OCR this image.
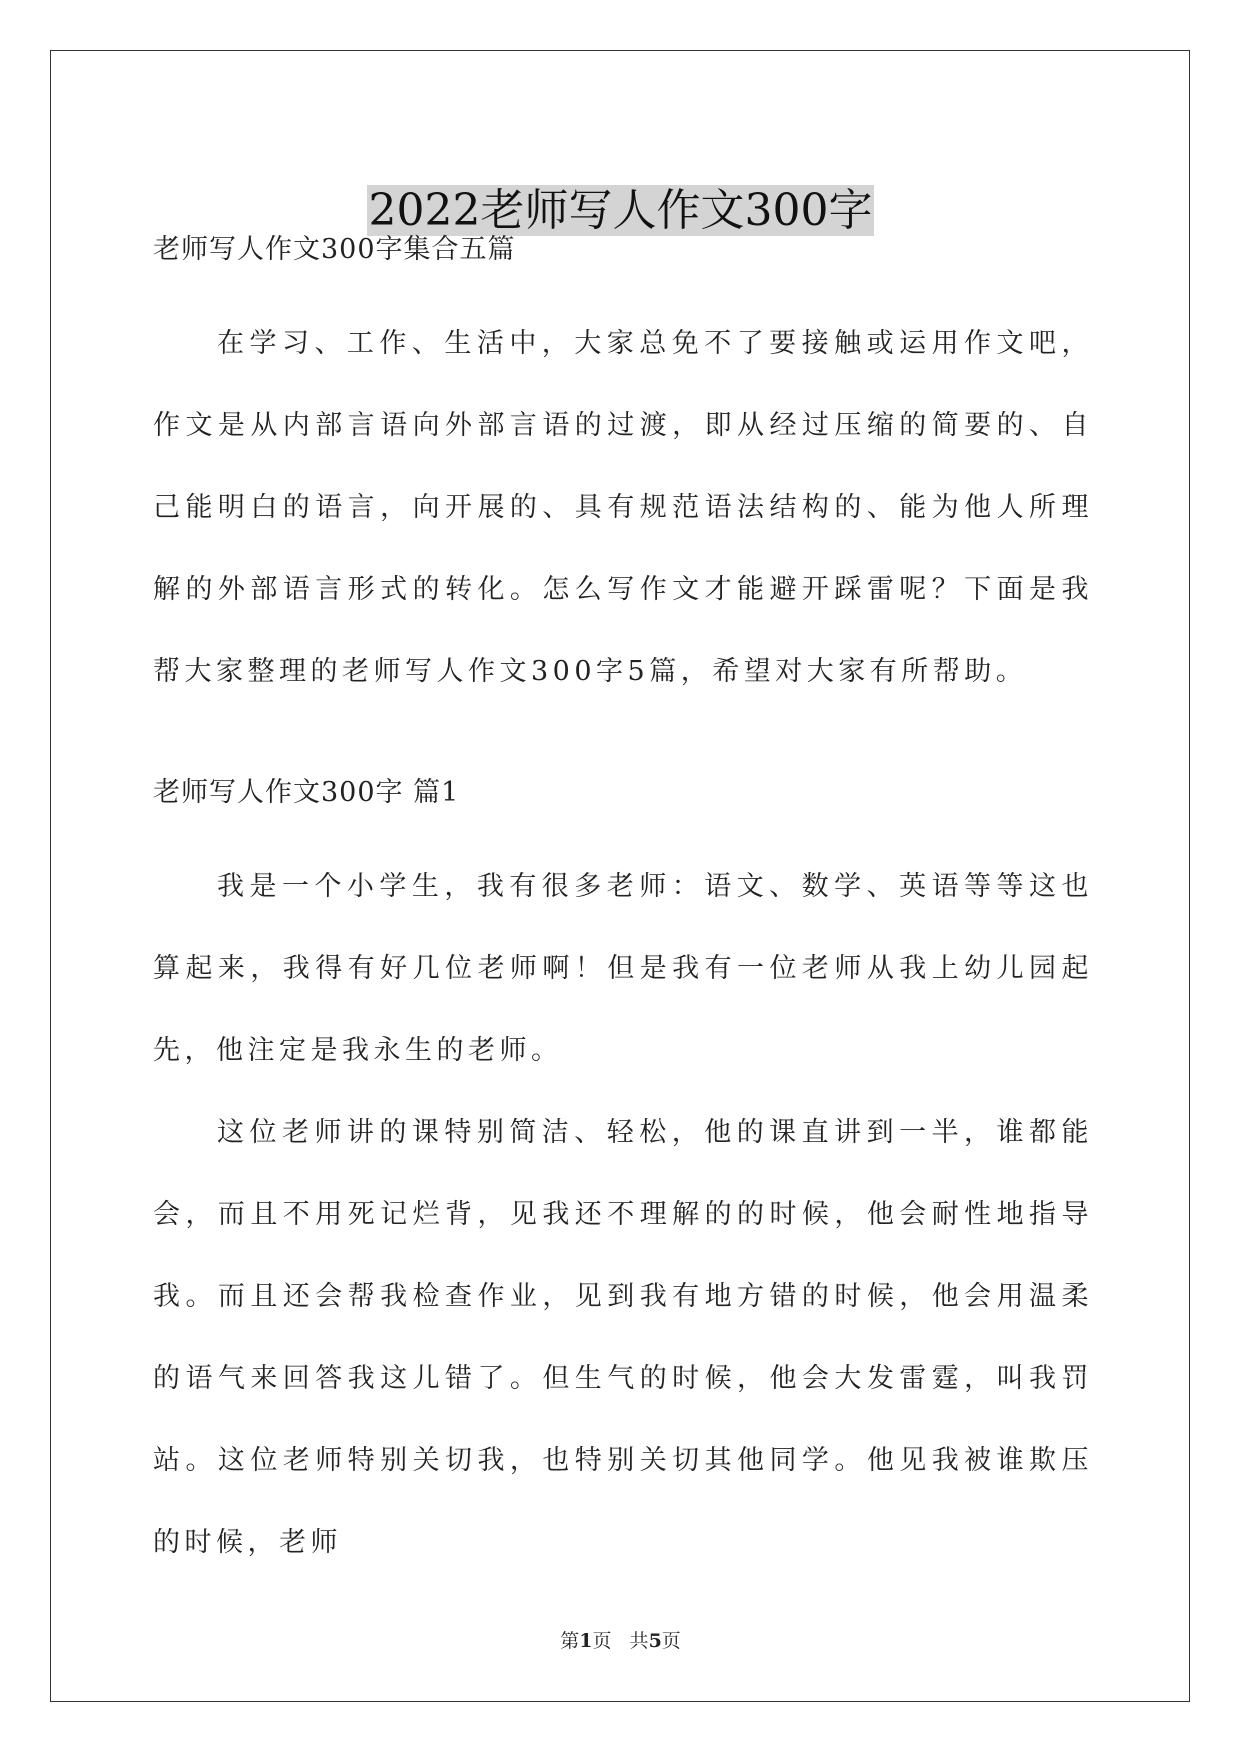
2022老师写人作文300字

老师写人作文300字集合五篇

在学习、工作、生活中，大家总免不了要接触或运用作文吧，作文是从内部言语向外部言语的过渡，即从经过压缩的简要的、自己能明白的语言，向开展的、具有规范语法结构的、能为他人所理解的外部语言形式的转化。怎么写作文才能避开踩雷呢？下面是我帮大家整理的老师写人作文300字5篇，希望对大家有所帮助。

老师写人作文300字 篇1

我是一个小学生，我有很多老师：语文、数学、英语等等这也算起来，我得有好几位老师啊！但是我有一位老师从我上幼儿园起先，他注定是我永生的老师。

这位老师讲的课特别简洁、轻松，他的课直讲到一半，谁都能会，而且不用死记烂背，见我还不理解的的时候，他会耐性地指导我。而且还会帮我检查作业，见到我有地方错的时候，他会用温柔的语气来回答我这儿错了。但生气的时候，他会大发雷霆，叫我罚站。这位老师特别关切我，也特别关切其他同学。他见我被谁欺压的时候，老师

第1页   共5页
